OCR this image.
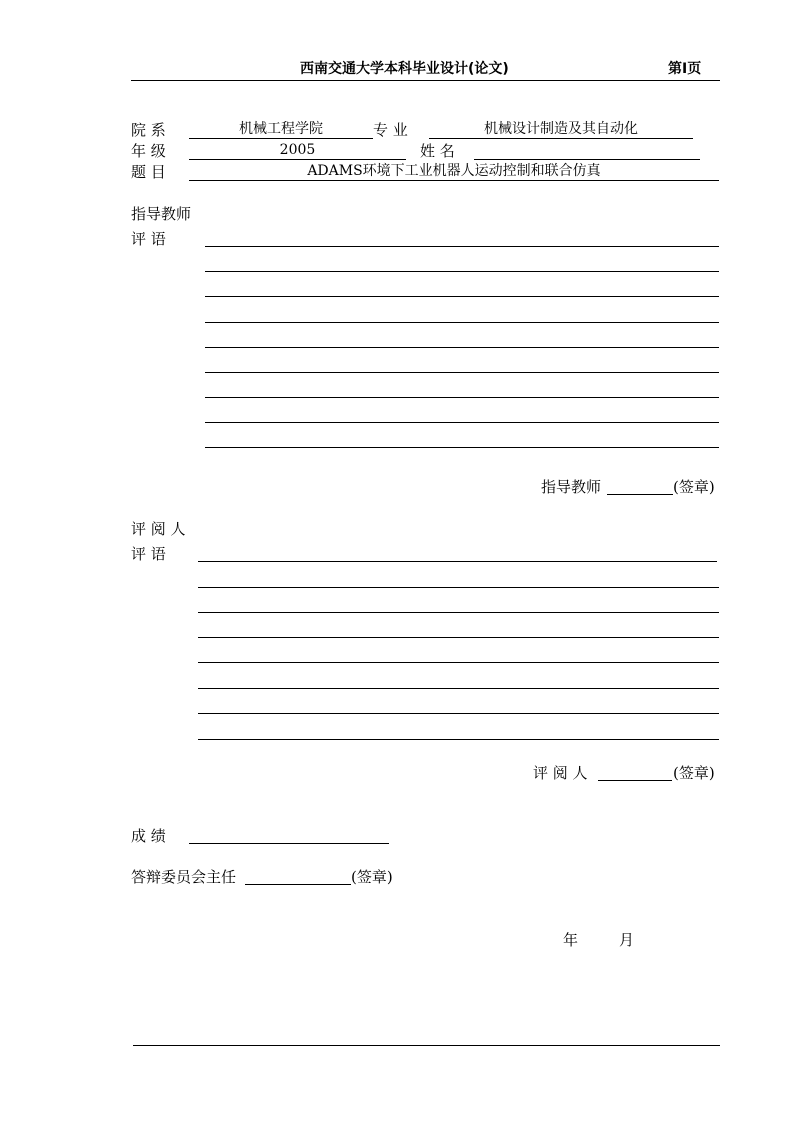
西南交通大学本科毕业设计(论文)	第Ⅰ页
院 系	机械工程学院	专 业	机械设计制造及其自动化
年 级	2005	姓 名
题 目	ADAMS环境下工业机器人运动控制和联合仿真
指导教师
评 语
指导教师	(签章)
评 阅 人
评 语
评 阅 人	(签章)
成 绩
答辩委员会主任	(签章)
年	月
